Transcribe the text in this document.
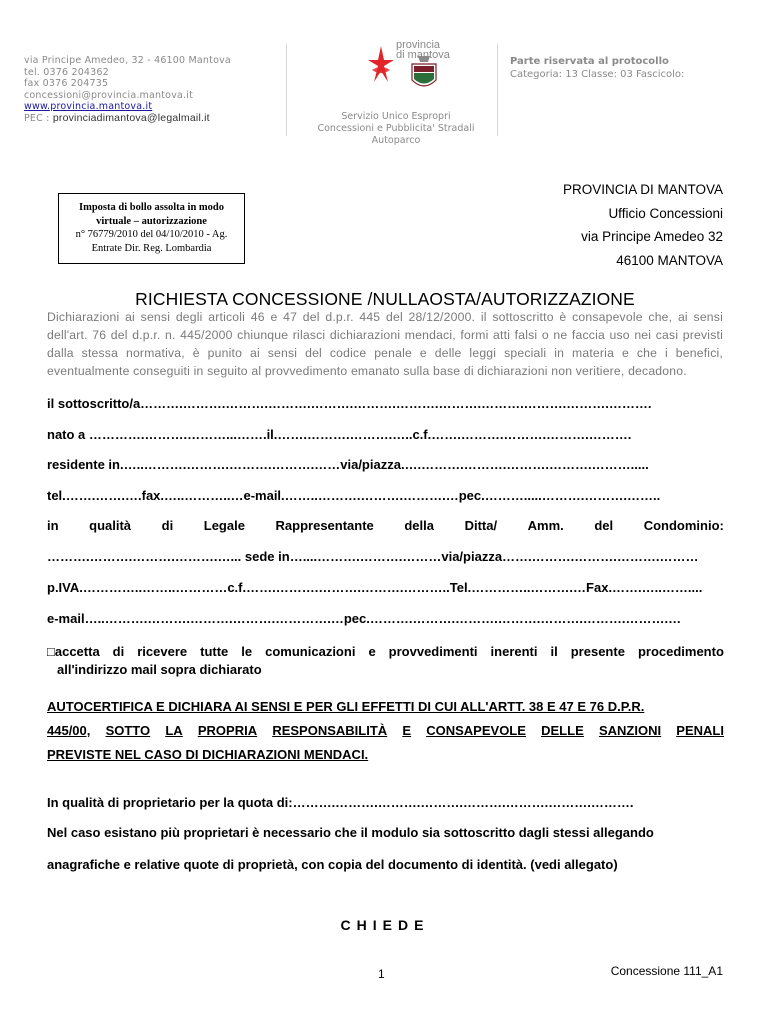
via Principe Amedeo, 32 - 46100 Mantova
tel. 0376 204362
fax 0376 204735
concessioni@provincia.mantova.it
www.provincia.mantova.it
PEC : provinciadimantova@legalmail.it
provincia
di mantova
Servizio Unico Espropri
Concessioni e Pubblicita' Stradali
Autoparco
Parte riservata al protocollo
Categoria: 13 Classe: 03 Fascicolo:
Imposta di bollo assolta in modo
virtuale – autorizzazione
n° 76779/2010 del 04/10/2010 - Ag.
Entrate Dir. Reg. Lombardia
PROVINCIA DI MANTOVA
Ufficio Concessioni
via Principe Amedeo 32
46100 MANTOVA
RICHIESTA CONCESSIONE /NULLAOSTA/AUTORIZZAZIONE
Dichiarazioni ai sensi degli articoli 46 e 47 del d.p.r. 445 del 28/12/2000. il sottoscritto è consapevole che, ai sensi dell'art. 76 del d.p.r. n. 445/2000 chiunque rilasci dichiarazioni mendaci, formi atti falsi o ne faccia uso nei casi previsti dalla stessa normativa, è punito ai sensi del codice penale e delle leggi speciali in materia e che i benefici, eventualmente conseguiti in seguito al provvedimento emanato sulla base di dichiarazioni non veritiere, decadono.
il sottoscritto/a……….……….……….……….……….……….……….……….……….……….……….……….
nato a ………….……….………...…….il.…….……….……….…..c.f.…….……….……….……….……….
residente in.…..……….……….……….……….……via/piazza.….……….……….……….……….……….....
tel.…….…….….fax.…..………..…e-mail.……..……….……….……….…pec.……….....……….……….……..
in qualità di Legale Rappresentante della Ditta/ Amm. del Condominio:
……….……….……….……….…... sede in…....……….……….………via/piazza…….……….……….……….………
p.IVA.…………..……..…………c.f.…….……….……….……….………..Tel.…………..……….…Fax.…….…..……....
e-mail…..……….……….……….……….………….…pec.……….……….……….……….……….……….……….…
□accetta di ricevere tutte le comunicazioni e provvedimenti inerenti il presente procedimento
all'indirizzo mail sopra dichiarato
AUTOCERTIFICA E DICHIARA AI SENSI E PER GLI EFFETTI DI CUI ALL'ARTT. 38 E 47 E 76 D.P.R.
445/00, SOTTO LA PROPRIA RESPONSABILITÀ E CONSAPEVOLE DELLE SANZIONI PENALI
PREVISTE NEL CASO DI DICHIARAZIONI MENDACI.
In qualità di proprietario per la quota di:……….……….……….……….……….……….……….……….
Nel caso esistano più proprietari è necessario che il modulo sia sottoscritto dagli stessi allegando
anagrafiche e relative quote di proprietà, con copia del documento di identità. (vedi allegato)
CHIEDE
1	Concessione 111_A1
